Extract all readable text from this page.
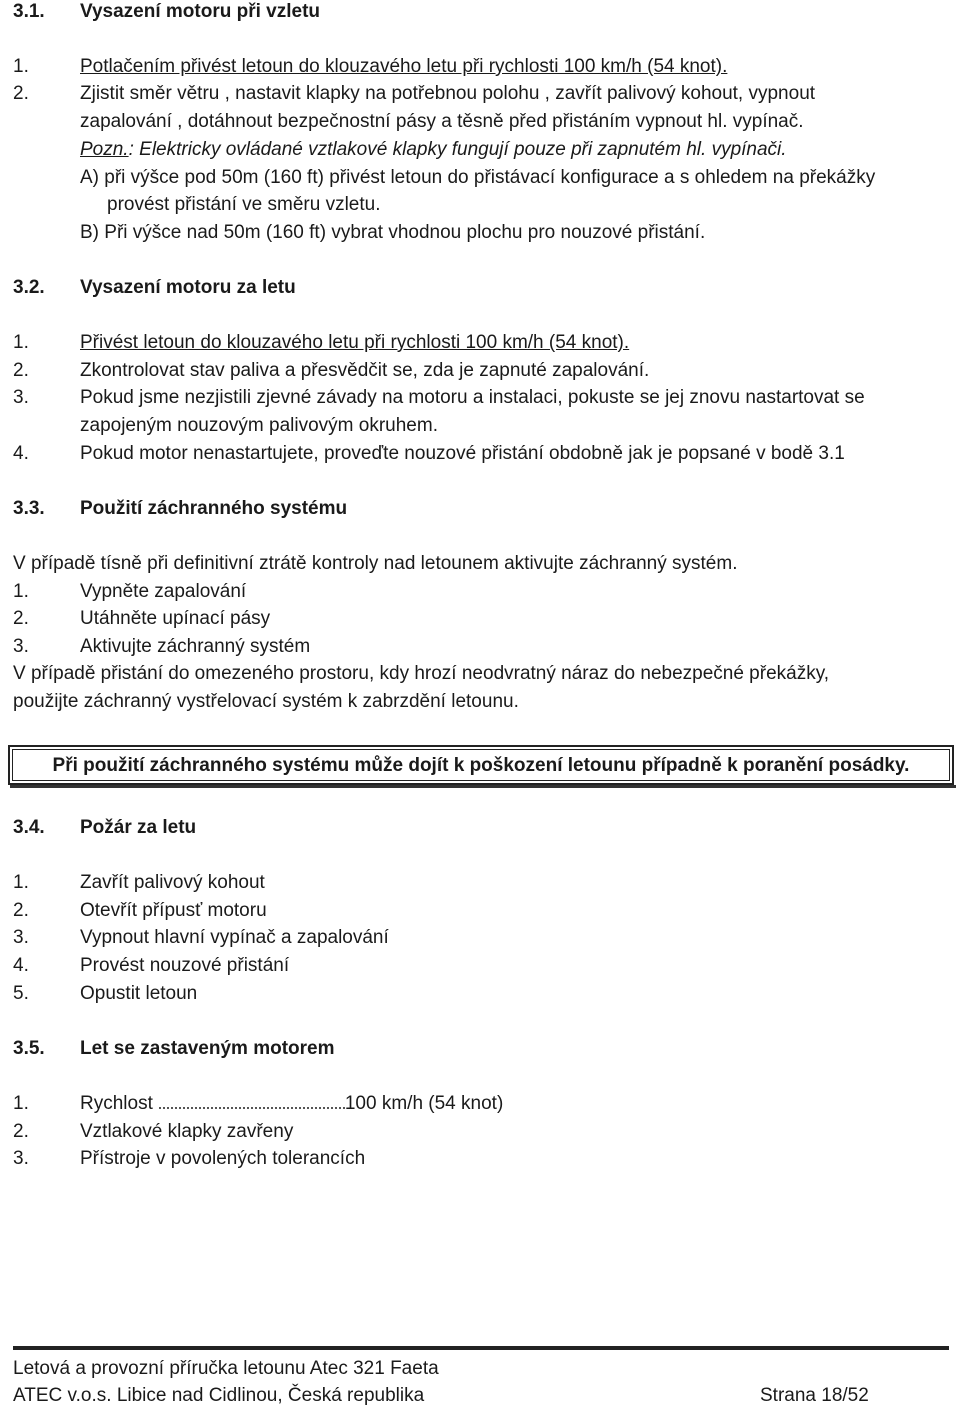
3.1. Vysazení motoru při vzletu
1.	Potlačením přivést letoun do klouzavého letu při rychlosti 100 km/h (54 knot).
2.	Zjistit směr větru , nastavit klapky na potřebnou polohu , zavřít palivový kohout, vypnout
zapalování , dotáhnout bezpečnostní pásy a těsně před přistáním vypnout hl. vypínač.
Pozn.: Elektricky ovládané vztlakové klapky fungují pouze při zapnutém hl. vypínači.
A) při výšce pod 50m (160 ft) přivést letoun do přistávací konfigurace a s ohledem na překážky
provést přistání ve směru vzletu.
B) Při výšce nad 50m (160 ft) vybrat vhodnou plochu pro nouzové přistání.
3.2. Vysazení motoru za letu
1.	Přivést letoun do klouzavého letu při rychlosti 100 km/h (54 knot).
2.	Zkontrolovat stav paliva a přesvědčit se, zda je zapnuté zapalování.
3.	Pokud jsme nezjistili zjevné závady na motoru a instalaci, pokuste se jej znovu nastartovat se
zapojeným nouzovým palivovým okruhem.
4.	Pokud motor nenastartujete, proveďte nouzové přistání obdobně jak je popsané v bodě 3.1
3.3. Použití záchranného systému
V případě tísně při definitivní ztrátě kontroly nad letounem aktivujte záchranný systém.
1.	Vypněte zapalování
2.	Utáhněte upínací pásy
3.	Aktivujte záchranný systém
V případě přistání do omezeného prostoru, kdy hrozí neodvratný náraz do nebezpečné překážky,
použijte záchranný vystřelovací systém k zabrzdění letounu.
Při použití záchranného systému může dojít k poškození letounu případně k poranění posádky.
3.4. Požár za letu
1.	Zavřít palivový kohout
2.	Otevřít přípusť motoru
3.	Vypnout hlavní vypínač a zapalování
4.	Provést nouzové přistání
5.	Opustit letoun
3.5. Let se zastaveným motorem
1.	Rychlost	100 km/h (54 knot)
2.	Vztlakové klapky zavřeny
3.	Přístroje v povolených tolerancích
Letová a provozní příručka letounu Atec 321 Faeta
ATEC v.o.s. Libice nad Cidlinou, Česká republika	Strana 18/52
